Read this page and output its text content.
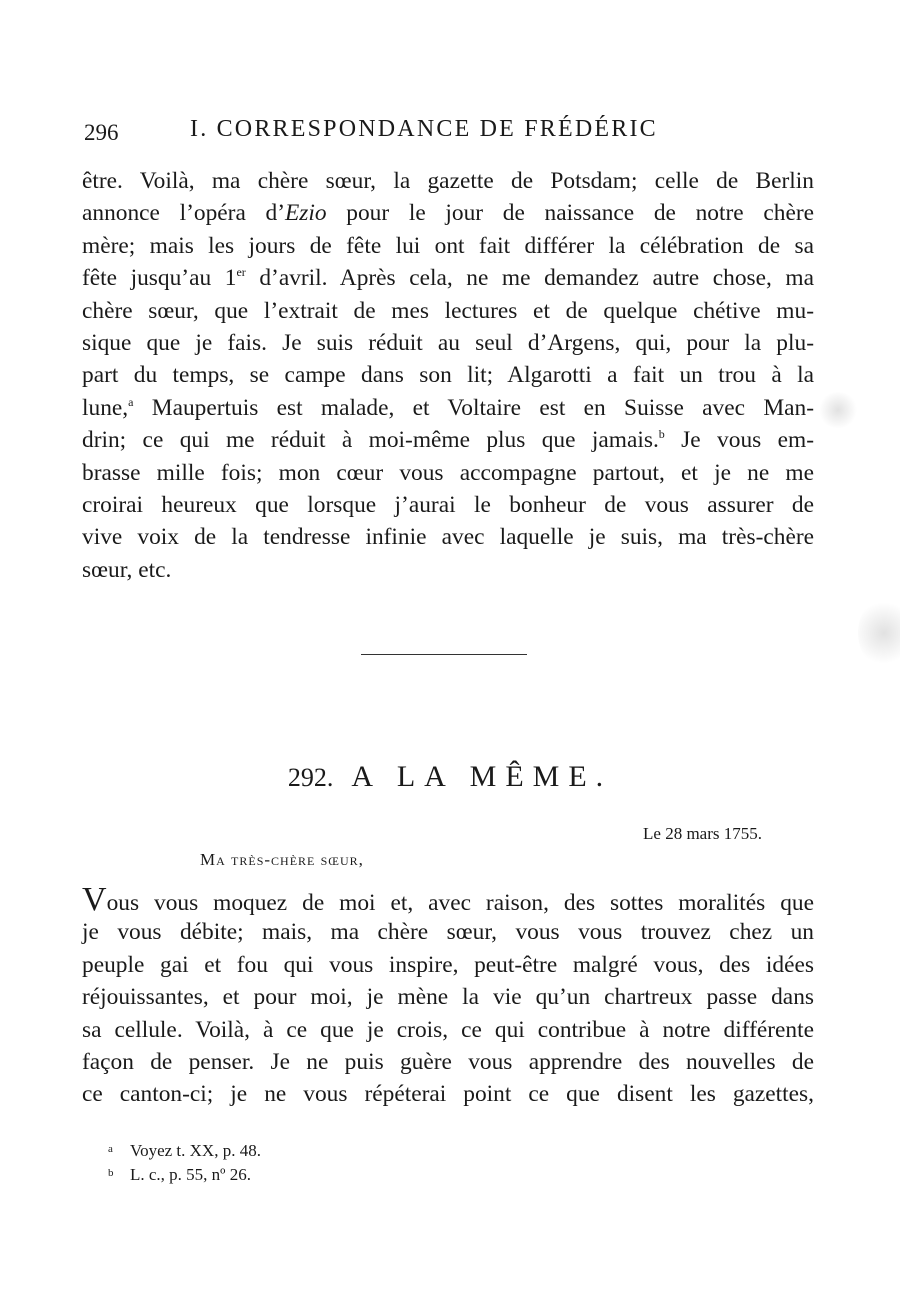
296	I. CORRESPONDANCE DE FRÉDÉRIC
être. Voilà, ma chère sœur, la gazette de Potsdam; celle de Berlin
annonce l’opéra d’Ezio pour le jour de naissance de notre chère
mère; mais les jours de fête lui ont fait différer la célébration de sa
fête jusqu’au 1er d’avril. Après cela, ne me demandez autre chose, ma
chère sœur, que l’extrait de mes lectures et de quelque chétive mu-
sique que je fais. Je suis réduit au seul d’Argens, qui, pour la plu-
part du temps, se campe dans son lit; Algarotti a fait un trou à la
lune,$^a$ Maupertuis est malade, et Voltaire est en Suisse avec Man-
drin; ce qui me réduit à moi-même plus que jamais.$^b$ Je vous em-
brasse mille fois; mon cœur vous accompagne partout, et je ne me
croirai heureux que lorsque j’aurai le bonheur de vous assurer de
vive voix de la tendresse infinie avec laquelle je suis, ma très-chère
sœur, etc.
292. A LA MÊME.
Le 28 mars 1755.
Ma très-chère sœur,
Vous vous moquez de moi et, avec raison, des sottes moralités que
je vous débite; mais, ma chère sœur, vous vous trouvez chez un
peuple gai et fou qui vous inspire, peut-être malgré vous, des idées
réjouissantes, et pour moi, je mène la vie qu’un chartreux passe dans
sa cellule. Voilà, à ce que je crois, ce qui contribue à notre différente
façon de penser. Je ne puis guère vous apprendre des nouvelles de
ce canton-ci; je ne vous répéterai point ce que disent les gazettes,
a Voyez t. XX, p. 48.
b L. c., p. 55, nº 26.
